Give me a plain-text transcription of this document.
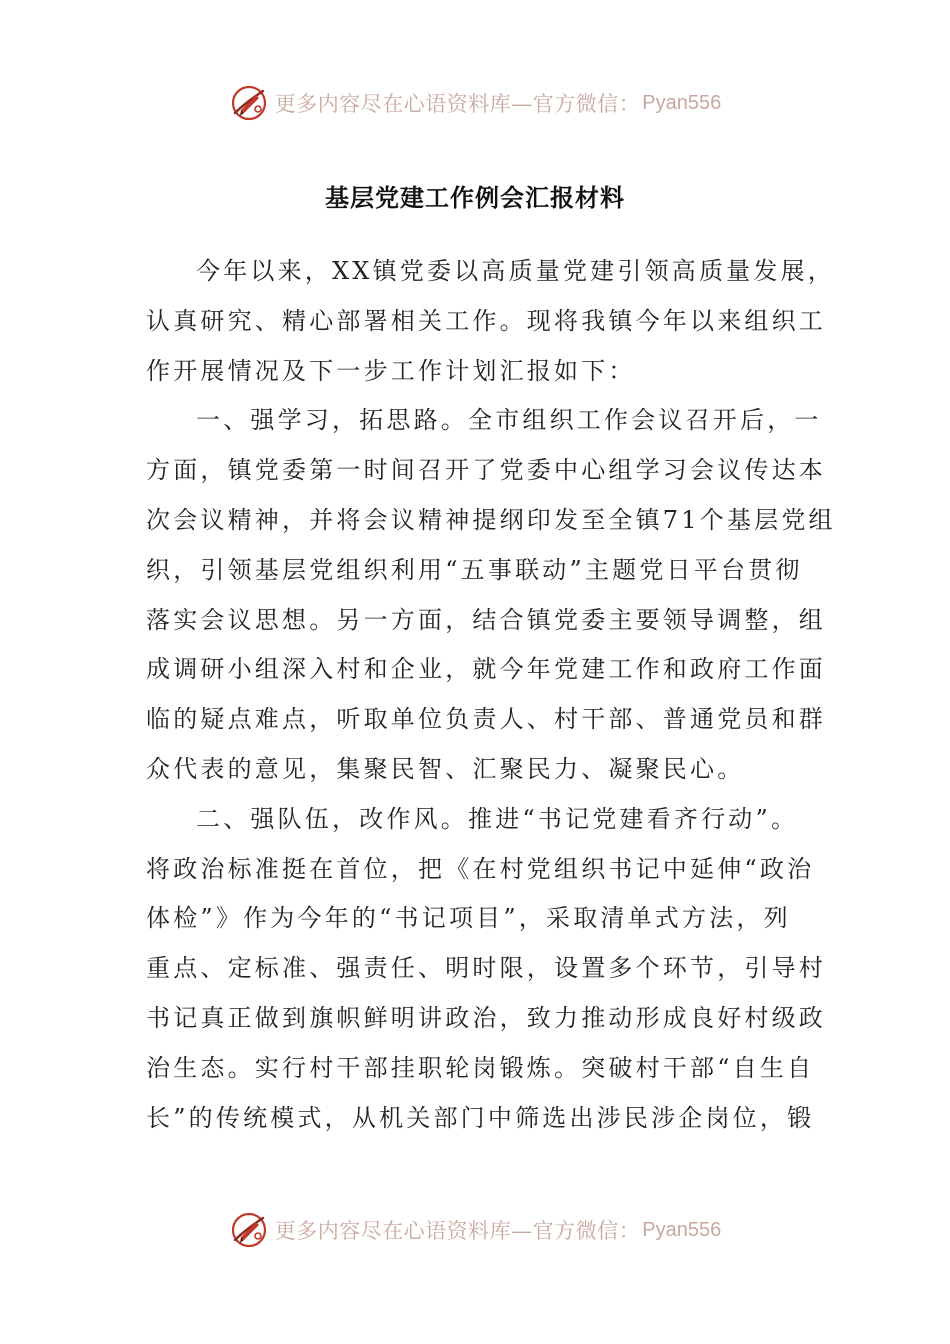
更多内容尽在心语资料库—官方微信： Pyan556
基层党建工作例会汇报材料
今年以来，XX镇党委以高质量党建引领高质量发展，
认真研究、精心部署相关工作。现将我镇今年以来组织工
作开展情况及下一步工作计划汇报如下：
一、强学习，拓思路。全市组织工作会议召开后，一
方面，镇党委第一时间召开了党委中心组学习会议传达本
次会议精神，并将会议精神提纲印发至全镇71个基层党组
织，引领基层党组织利用“五事联动”主题党日平台贯彻
落实会议思想。另一方面，结合镇党委主要领导调整，组
成调研小组深入村和企业，就今年党建工作和政府工作面
临的疑点难点，听取单位负责人、村干部、普通党员和群
众代表的意见，集聚民智、汇聚民力、凝聚民心。
二、强队伍，改作风。推进“书记党建看齐行动”。
将政治标准挺在首位，把《在村党组织书记中延伸“政治
体检”》作为今年的“书记项目”，采取清单式方法，列
重点、定标准、强责任、明时限，设置多个环节，引导村
书记真正做到旗帜鲜明讲政治，致力推动形成良好村级政
治生态。实行村干部挂职轮岗锻炼。突破村干部“自生自
长”的传统模式，从机关部门中筛选出涉民涉企岗位，锻
更多内容尽在心语资料库—官方微信： Pyan556
